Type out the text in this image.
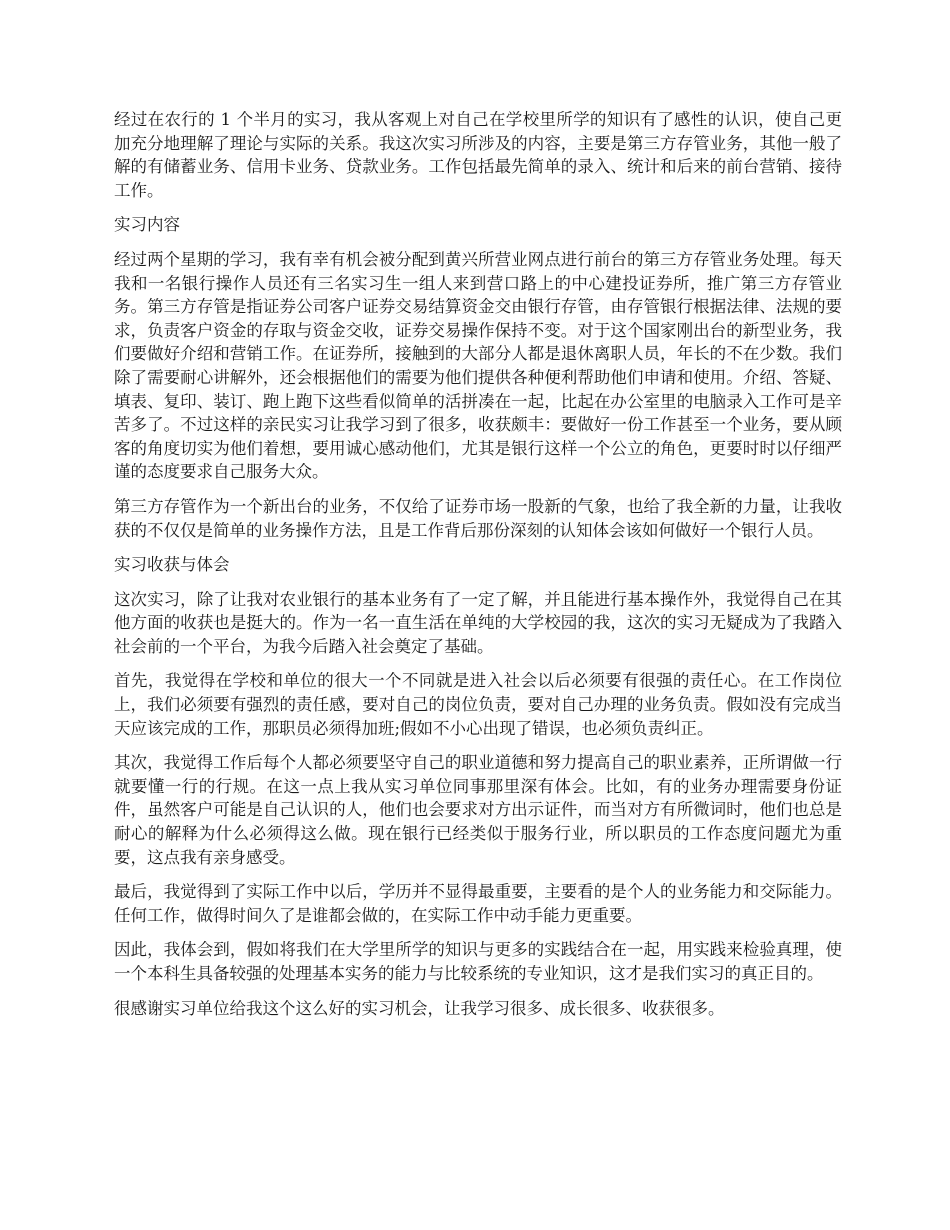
经过在农行的 1 个半月的实习，我从客观上对自己在学校里所学的知识有了感性的认识，使自己更加充分地理解了理论与实际的关系。我这次实习所涉及的内容，主要是第三方存管业务，其他一般了解的有储蓄业务、信用卡业务、贷款业务。工作包括最先简单的录入、统计和后来的前台营销、接待工作。

实习内容

经过两个星期的学习，我有幸有机会被分配到黄兴所营业网点进行前台的第三方存管业务处理。每天我和一名银行操作人员还有三名实习生一组人来到营口路上的中心建投证券所，推广第三方存管业务。第三方存管是指证券公司客户证券交易结算资金交由银行存管，由存管银行根据法律、法规的要求，负责客户资金的存取与资金交收，证券交易操作保持不变。对于这个国家刚出台的新型业务，我们要做好介绍和营销工作。在证券所，接触到的大部分人都是退休离职人员，年长的不在少数。我们除了需要耐心讲解外，还会根据他们的需要为他们提供各种便利帮助他们申请和使用。介绍、答疑、填表、复印、装订、跑上跑下这些看似简单的活拼凑在一起，比起在办公室里的电脑录入工作可是辛苦多了。不过这样的亲民实习让我学习到了很多，收获颇丰：要做好一份工作甚至一个业务，要从顾客的角度切实为他们着想，要用诚心感动他们，尤其是银行这样一个公立的角色，更要时时以仔细严谨的态度要求自己服务大众。

第三方存管作为一个新出台的业务，不仅给了证券市场一股新的气象，也给了我全新的力量，让我收获的不仅仅是简单的业务操作方法，且是工作背后那份深刻的认知体会该如何做好一个银行人员。

实习收获与体会

这次实习，除了让我对农业银行的基本业务有了一定了解，并且能进行基本操作外，我觉得自己在其他方面的收获也是挺大的。作为一名一直生活在单纯的大学校园的我，这次的实习无疑成为了我踏入社会前的一个平台，为我今后踏入社会奠定了基础。

首先，我觉得在学校和单位的很大一个不同就是进入社会以后必须要有很强的责任心。在工作岗位上，我们必须要有强烈的责任感，要对自己的岗位负责，要对自己办理的业务负责。假如没有完成当天应该完成的工作，那职员必须得加班;假如不小心出现了错误，也必须负责纠正。

其次，我觉得工作后每个人都必须要坚守自己的职业道德和努力提高自己的职业素养，正所谓做一行就要懂一行的行规。在这一点上我从实习单位同事那里深有体会。比如，有的业务办理需要身份证件，虽然客户可能是自己认识的人，他们也会要求对方出示证件，而当对方有所微词时，他们也总是耐心的解释为什么必须得这么做。现在银行已经类似于服务行业，所以职员的工作态度问题尤为重要，这点我有亲身感受。

最后，我觉得到了实际工作中以后，学历并不显得最重要，主要看的是个人的业务能力和交际能力。任何工作，做得时间久了是谁都会做的，在实际工作中动手能力更重要。

因此，我体会到，假如将我们在大学里所学的知识与更多的实践结合在一起，用实践来检验真理，使一个本科生具备较强的处理基本实务的能力与比较系统的专业知识，这才是我们实习的真正目的。

很感谢实习单位给我这个这么好的实习机会，让我学习很多、成长很多、收获很多。
